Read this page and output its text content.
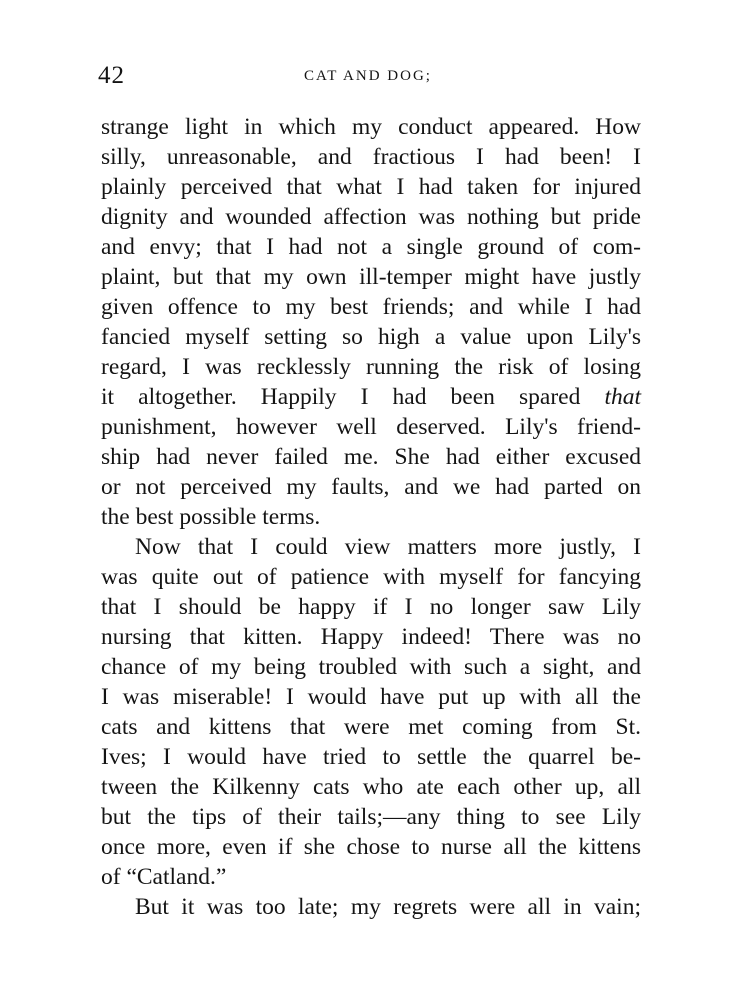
42	CAT AND DOG;
strange light in which my conduct appeared. How
silly, unreasonable, and fractious I had been! I
plainly perceived that what I had taken for injured
dignity and wounded affection was nothing but pride
and envy; that I had not a single ground of com-
plaint, but that my own ill-temper might have justly
given offence to my best friends; and while I had
fancied myself setting so high a value upon Lily's
regard, I was recklessly running the risk of losing
it altogether. Happily I had been spared that
punishment, however well deserved. Lily's friend-
ship had never failed me. She had either excused
or not perceived my faults, and we had parted on
the best possible terms.
Now that I could view matters more justly, I
was quite out of patience with myself for fancying
that I should be happy if I no longer saw Lily
nursing that kitten. Happy indeed! There was no
chance of my being troubled with such a sight, and
I was miserable! I would have put up with all the
cats and kittens that were met coming from St.
Ives; I would have tried to settle the quarrel be-
tween the Kilkenny cats who ate each other up, all
but the tips of their tails;—any thing to see Lily
once more, even if she chose to nurse all the kittens
of “Catland.”
But it was too late; my regrets were all in vain;
